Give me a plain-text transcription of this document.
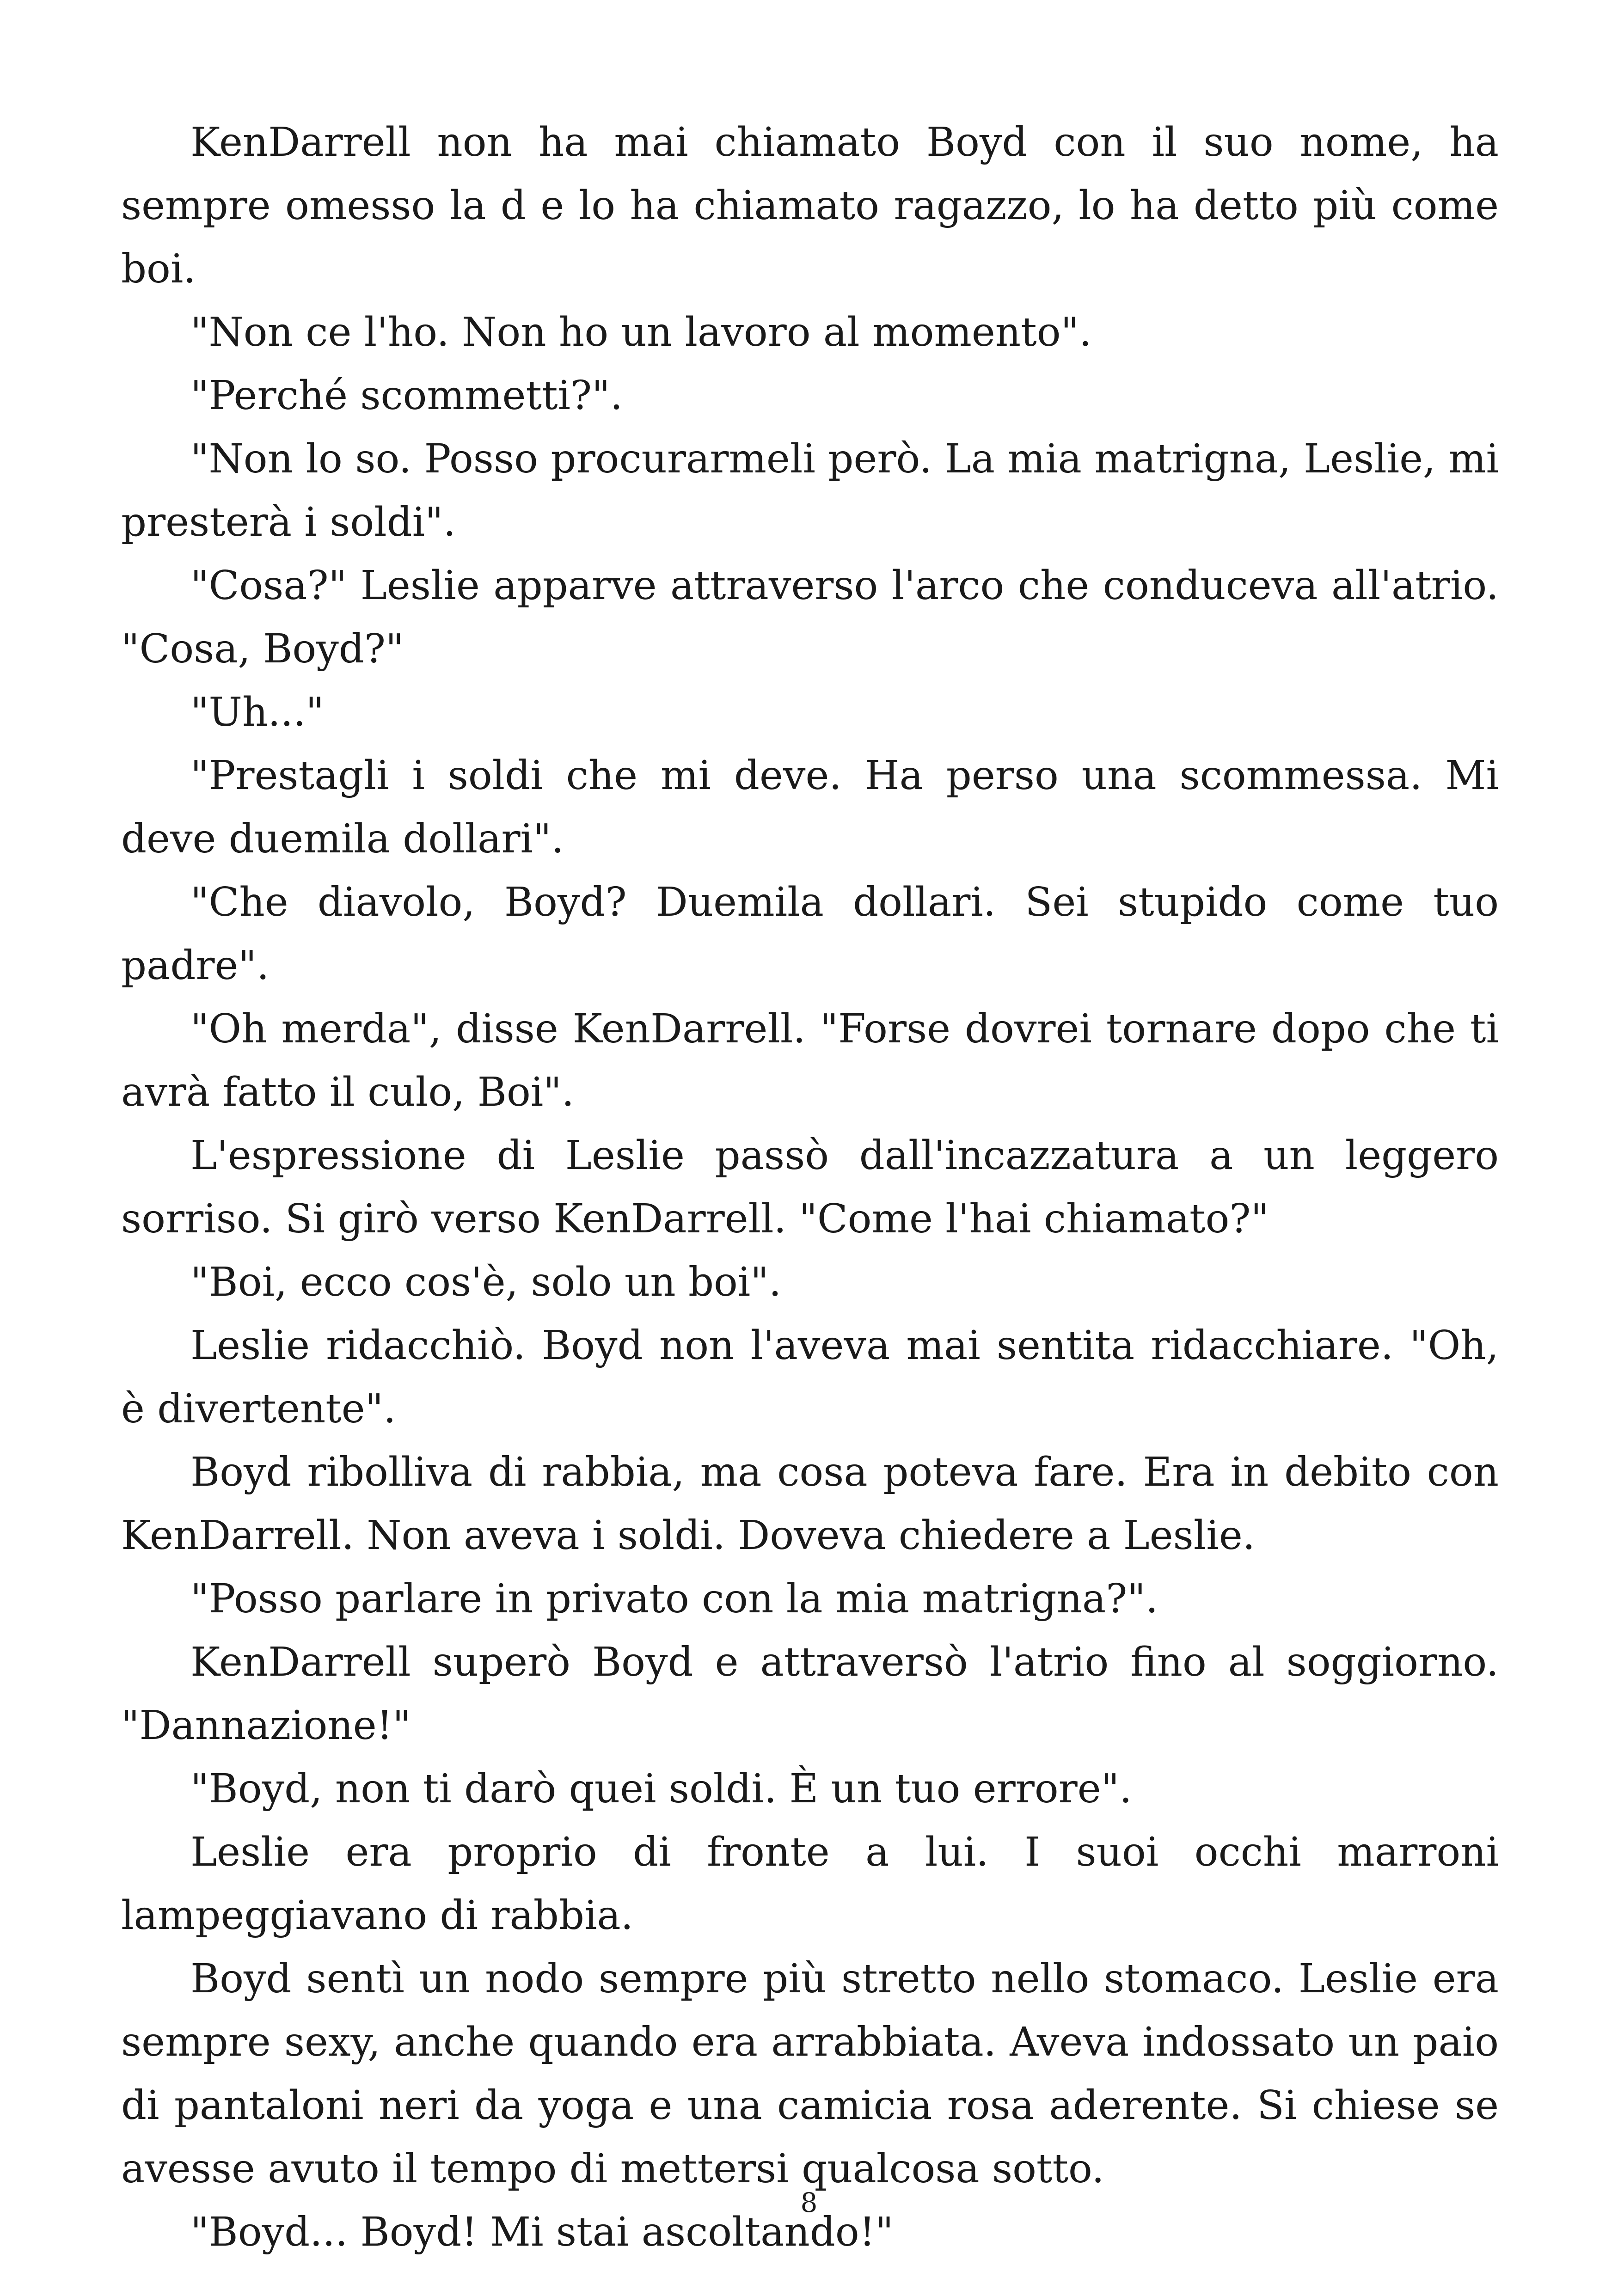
KenDarrell non ha mai chiamato Boyd con il suo nome, ha sempre omesso la d e lo ha chiamato ragazzo, lo ha detto più come boi.

"Non ce l'ho. Non ho un lavoro al momento".

"Perché scommetti?".

"Non lo so. Posso procurarmeli però. La mia matrigna, Leslie, mi presterà i soldi".

"Cosa?" Leslie apparve attraverso l'arco che conduceva all'atrio. "Cosa, Boyd?"

"Uh..."

"Prestagli i soldi che mi deve. Ha perso una scommessa. Mi deve duemila dollari".

"Che diavolo, Boyd? Duemila dollari. Sei stupido come tuo padre".

"Oh merda", disse KenDarrell. "Forse dovrei tornare dopo che ti avrà fatto il culo, Boi".

L'espressione di Leslie passò dall'incazzatura a un leggero sorriso. Si girò verso KenDarrell. "Come l'hai chiamato?"

"Boi, ecco cos'è, solo un boi".

Leslie ridacchiò. Boyd non l'aveva mai sentita ridacchiare. "Oh, è divertente".

Boyd ribolliva di rabbia, ma cosa poteva fare. Era in debito con KenDarrell. Non aveva i soldi. Doveva chiedere a Leslie.

"Posso parlare in privato con la mia matrigna?".

KenDarrell superò Boyd e attraversò l'atrio fino al soggiorno. "Dannazione!"

"Boyd, non ti darò quei soldi. È un tuo errore".

Leslie era proprio di fronte a lui. I suoi occhi marroni lampeggiavano di rabbia.

Boyd sentì un nodo sempre più stretto nello stomaco. Leslie era sempre sexy, anche quando era arrabbiata. Aveva indossato un paio di pantaloni neri da yoga e una camicia rosa aderente. Si chiese se avesse avuto il tempo di mettersi qualcosa sotto.

"Boyd... Boyd! Mi stai ascoltando!"

8
